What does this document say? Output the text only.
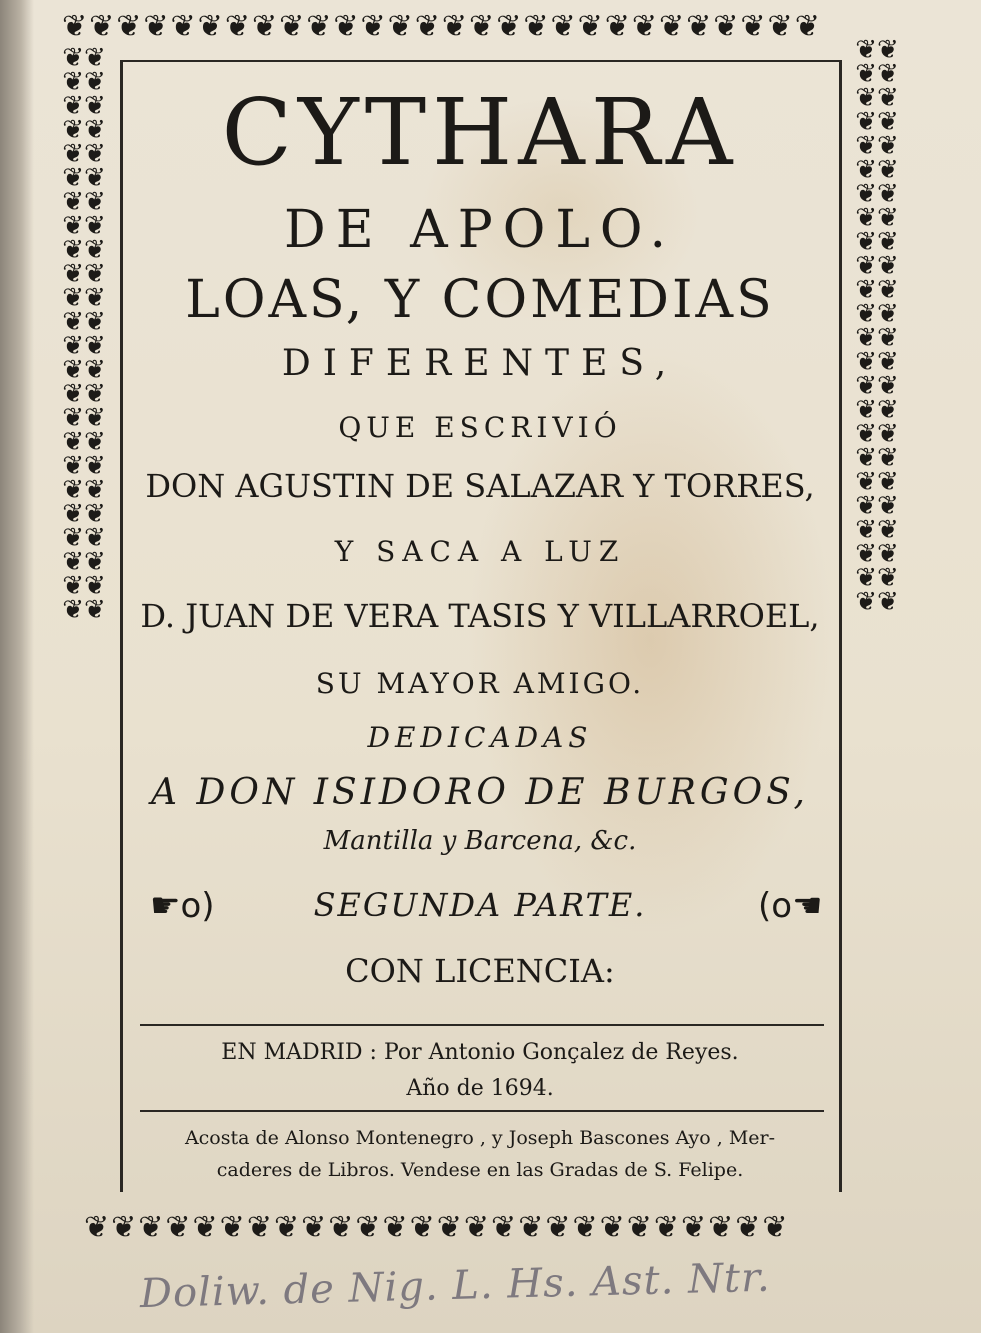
❦❦❦❦❦❦❦❦❦❦❦❦❦❦❦❦❦❦❦❦❦❦❦❦❦❦❦❦
❦❦❦❦❦❦❦❦❦❦❦❦❦❦❦❦❦❦❦❦❦❦❦❦❦❦❦❦❦❦❦❦❦❦❦❦❦❦❦❦❦❦❦❦❦❦❦❦
❦❦❦❦❦❦❦❦❦❦❦❦❦❦❦❦❦❦❦❦❦❦❦❦❦❦❦❦❦❦❦❦❦❦❦❦❦❦❦❦❦❦❦❦❦❦❦❦
❦❦❦❦❦❦❦❦❦❦❦❦❦❦❦❦❦❦❦❦❦❦❦❦❦❦
CYTHARA
DE APOLO.
LOAS, Y COMEDIAS
DIFERENTES,
QUE ESCRIVIÓ
DON AGUSTIN DE SALAZAR Y TORRES,
Y SACA A LUZ
D. JUAN DE VERA TASIS Y VILLARROEL,
SU MAYOR AMIGO.
DEDICADAS
A DON ISIDORO DE BURGOS,
Mantilla y Barcena, &c.
☛o)	SEGUNDA PARTE.	(o☚
CON LICENCIA:
EN MADRID : Por Antonio Gonçalez de Reyes.
Año de 1694.
Acosta de Alonso Montenegro , y Joseph Bascones Ayo , Mer-
caderes de Libros. Vendese en las Gradas de S. Felipe.
Doliw. de Nig. L. Hs. Ast. Ntr.
